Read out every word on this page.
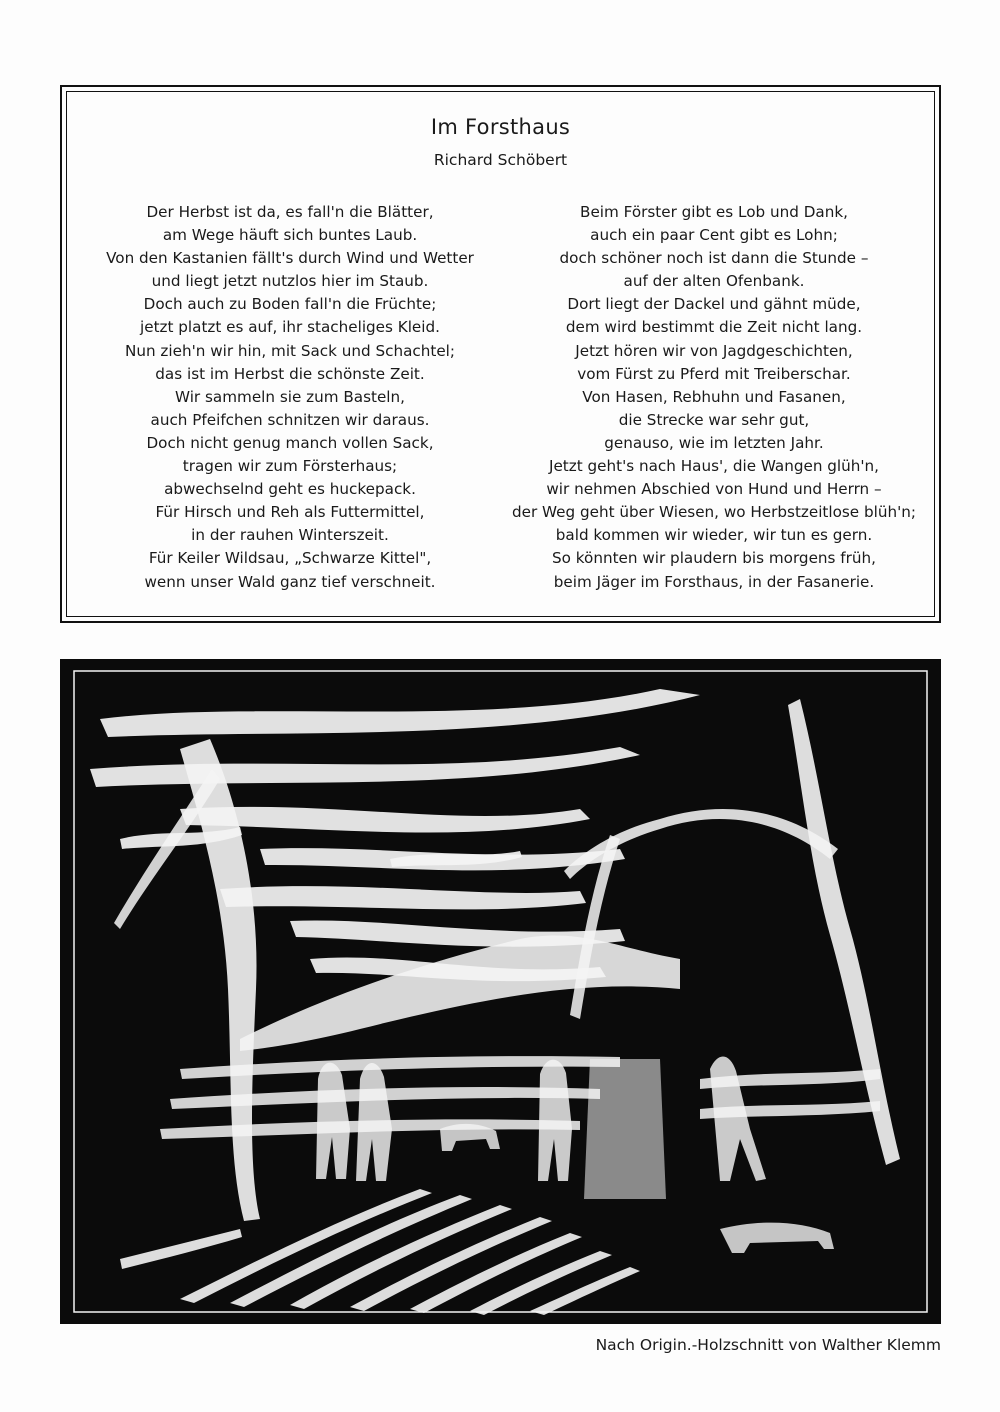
Im Forsthaus
Richard Schöbert
Der Herbst ist da, es fall'n die Blätter,
am Wege häuft sich buntes Laub.
Von den Kastanien fällt's durch Wind und Wetter
und liegt jetzt nutzlos hier im Staub.
Doch auch zu Boden fall'n die Früchte;
jetzt platzt es auf, ihr stacheliges Kleid.
Nun zieh'n wir hin, mit Sack und Schachtel;
das ist im Herbst die schönste Zeit.
Wir sammeln sie zum Basteln,
auch Pfeifchen schnitzen wir daraus.
Doch nicht genug manch vollen Sack,
tragen wir zum Försterhaus;
abwechselnd geht es huckepack.
Für Hirsch und Reh als Futtermittel,
in der rauhen Winterszeit.
Für Keiler Wildsau, „Schwarze Kittel",
wenn unser Wald ganz tief verschneit.
Beim Förster gibt es Lob und Dank,
auch ein paar Cent gibt es Lohn;
doch schöner noch ist dann die Stunde –
auf der alten Ofenbank.
Dort liegt der Dackel und gähnt müde,
dem wird bestimmt die Zeit nicht lang.
Jetzt hören wir von Jagdgeschichten,
vom Fürst zu Pferd mit Treiberschar.
Von Hasen, Rebhuhn und Fasanen,
die Strecke war sehr gut,
genauso, wie im letzten Jahr.
Jetzt geht's nach Haus', die Wangen glüh'n,
wir nehmen Abschied von Hund und Herrn –
der Weg geht über Wiesen, wo Herbstzeitlose blüh'n;
bald kommen wir wieder, wir tun es gern.
So könnten wir plaudern bis morgens früh,
beim Jäger im Forsthaus, in der Fasanerie.
Nach Origin.-Holzschnitt von Walther Klemm
